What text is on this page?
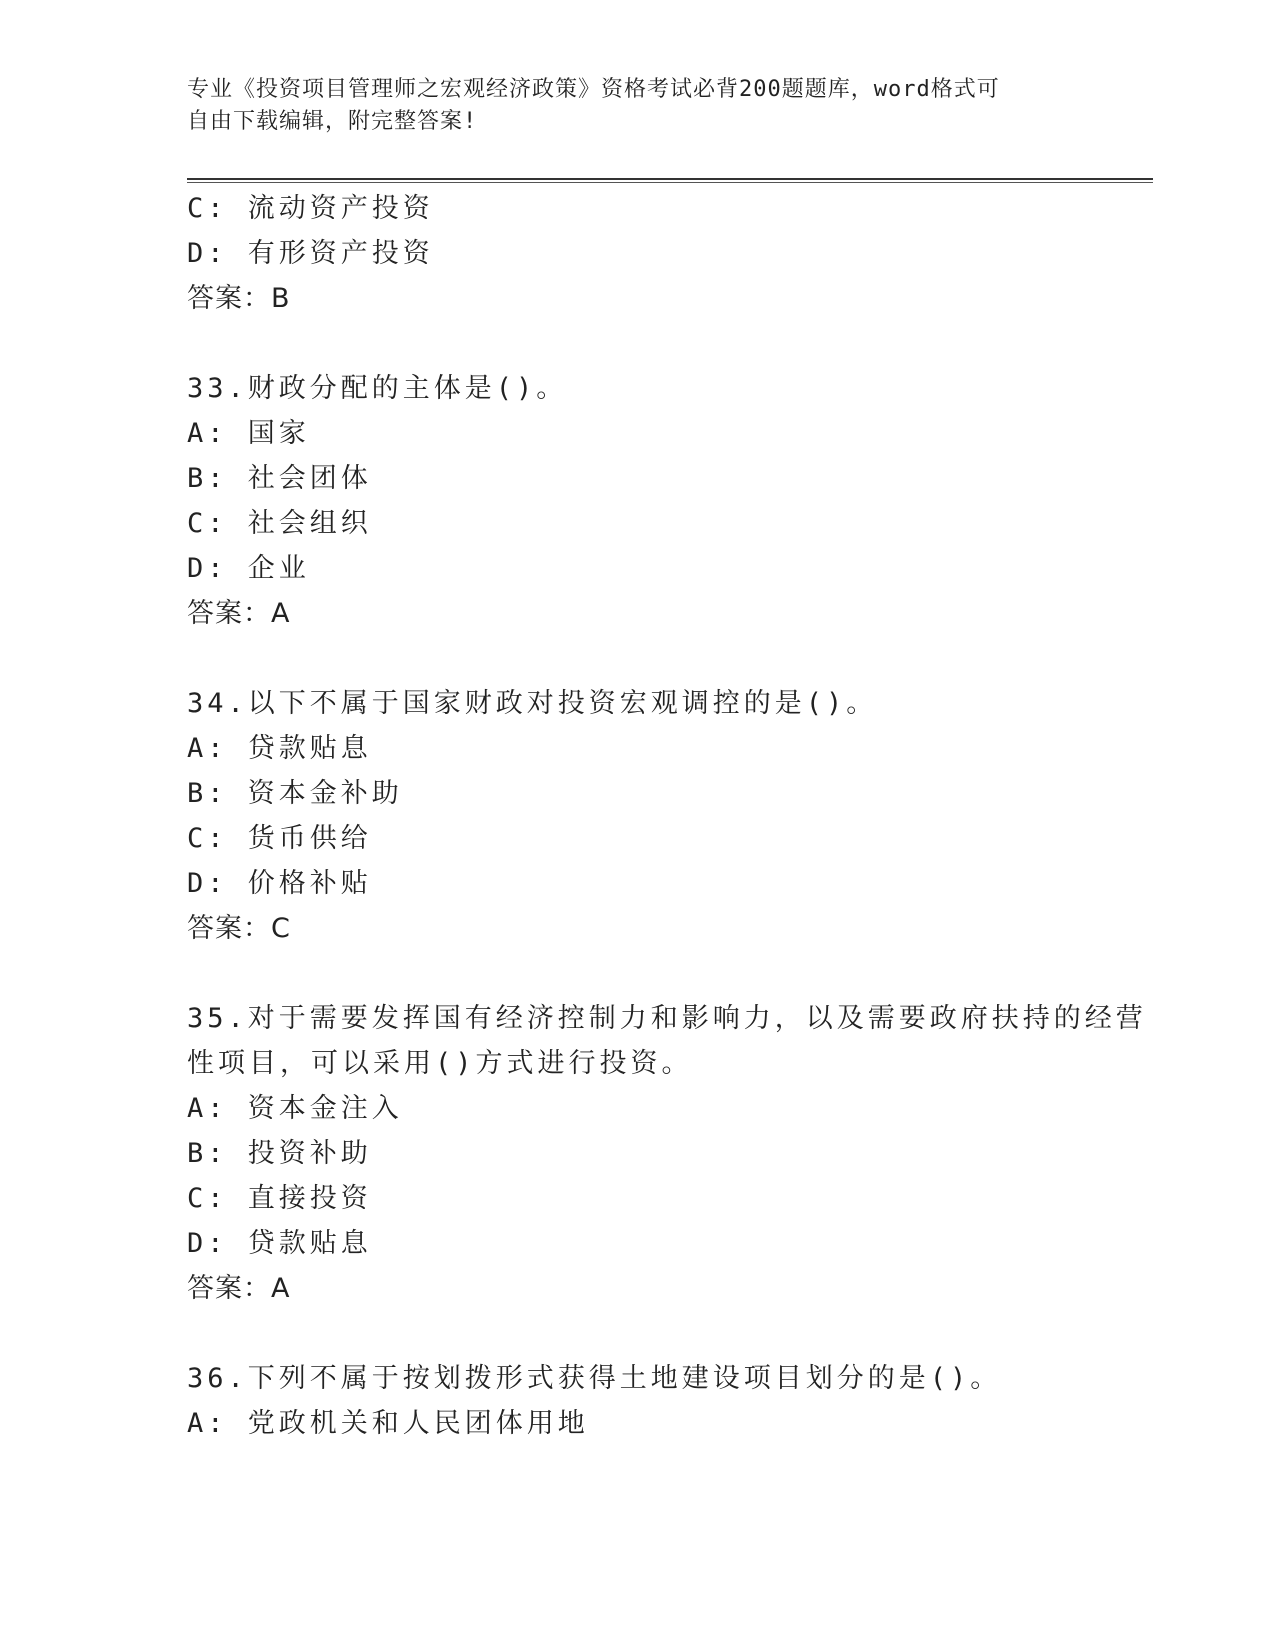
专业《投资项目管理师之宏观经济政策》资格考试必背200题题库，word格式可
自由下载编辑，附完整答案!
C: 流动资产投资
D: 有形资产投资
答案：B
33.财政分配的主体是()。
A: 国家
B: 社会团体
C: 社会组织
D: 企业
答案：A
34.以下不属于国家财政对投资宏观调控的是()。
A: 贷款贴息
B: 资本金补助
C: 货币供给
D: 价格补贴
答案：C
35.对于需要发挥国有经济控制力和影响力，以及需要政府扶持的经营
性项目，可以采用()方式进行投资。
A: 资本金注入
B: 投资补助
C: 直接投资
D: 贷款贴息
答案：A
36.下列不属于按划拨形式获得土地建设项目划分的是()。
A: 党政机关和人民团体用地
